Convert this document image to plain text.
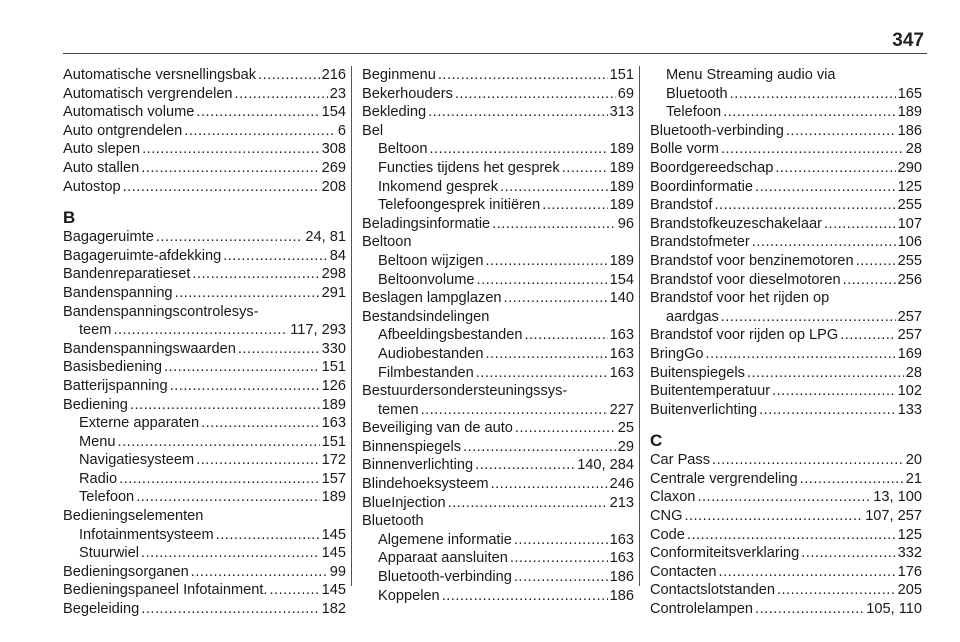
347
Automatische versnellingsbak .....	216
Automatisch vergrendelen .....	23
Automatisch volume .....	154
Auto ontgrendelen .....	6
Auto slepen .....	308
Auto stallen .....	269
Autostop .....	208
B
Bagageruimte .....	24, 81
Bagageruimte-afdekking .....	84
Bandenreparatieset .....	298
Bandenspanning .....	291
Bandenspanningscontrolesys-
teem .....	117, 293
Bandenspanningswaarden .....	330
Basisbediening .....	151
Batterijspanning .....	126
Bediening .....	189
Externe apparaten .....	163
Menu .....	151
Navigatiesysteem .....	172
Radio .....	157
Telefoon .....	189
Bedieningselementen
Infotainmentsysteem .....	145
Stuurwiel .....	145
Bedieningsorganen .....	99
Bedieningspaneel Infotainment. .....	145
Begeleiding .....	182
Beginmenu .....	151
Bekerhouders .....	69
Bekleding .....	313
Bel
Beltoon .....	189
Functies tijdens het gesprek .....	189
Inkomend gesprek .....	189
Telefoongesprek initiëren .....	189
Beladingsinformatie .....	96
Beltoon
Beltoon wijzigen .....	189
Beltoonvolume .....	154
Beslagen lampglazen .....	140
Bestandsindelingen
Afbeeldingsbestanden .....	163
Audiobestanden .....	163
Filmbestanden .....	163
Bestuurdersondersteuningssys-
temen .....	227
Beveiliging van de auto .....	25
Binnenspiegels .....	29
Binnenverlichting .....	140, 284
Blindehoeksysteem .....	246
BlueInjection .....	213
Bluetooth
Algemene informatie .....	163
Apparaat aansluiten .....	163
Bluetooth-verbinding .....	186
Koppelen .....	186
Menu Streaming audio via
Bluetooth .....	165
Telefoon .....	189
Bluetooth-verbinding .....	186
Bolle vorm .....	28
Boordgereedschap .....	290
Boordinformatie .....	125
Brandstof .....	255
Brandstofkeuzeschakelaar .....	107
Brandstofmeter .....	106
Brandstof voor benzinemotoren .....	255
Brandstof voor dieselmotoren .....	256
Brandstof voor het rijden op
aardgas .....	257
Brandstof voor rijden op LPG .....	257
BringGo .....	169
Buitenspiegels .....	28
Buitentemperatuur .....	102
Buitenverlichting .....	133
C
Car Pass .....	20
Centrale vergrendeling .....	21
Claxon .....	13, 100
CNG .....	107, 257
Code .....	125
Conformiteitsverklaring .....	332
Contacten .....	176
Contactslotstanden .....	205
Controlelampen .....	105, 110
